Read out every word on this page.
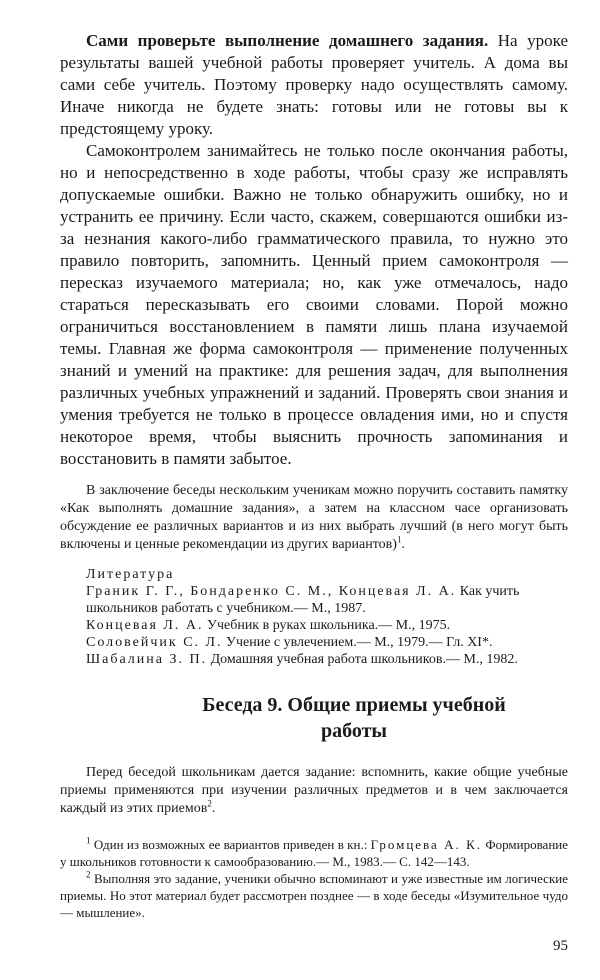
Сами проверьте выполнение домашнего задания. На уроке результаты вашей учебной работы проверяет учитель. А дома вы сами себе учитель. Поэтому проверку надо осуществлять самому. Иначе никогда не будете знать: готовы или не готовы вы к предстоящему уроку.

Самоконтролем занимайтесь не только после окончания работы, но и непосредственно в ходе работы, чтобы сразу же исправлять допускаемые ошибки. Важно не только обнаружить ошибку, но и устранить ее причину. Если часто, скажем, совершаются ошибки из-за незнания какого-либо грамматического правила, то нужно это правило повторить, запомнить. Ценный прием самоконтроля — пересказ изучаемого материала; но, как уже отмечалось, надо стараться пересказывать его своими словами. Порой можно ограничиться восстановлением в памяти лишь плана изучаемой темы. Главная же форма самоконтроля — применение полученных знаний и умений на практике: для решения задач, для выполнения различных учебных упражнений и заданий. Проверять свои знания и умения требуется не только в процессе овладения ими, но и спустя некоторое время, чтобы выяснить прочность запоминания и восстановить в памяти забытое.

В заключение беседы нескольким ученикам можно поручить составить памятку «Как выполнять домашние задания», а затем на классном часе организовать обсуждение ее различных вариантов и из них выбрать лучший (в него могут быть включены и ценные рекомендации из других вариантов)$^1$.

Литература

Граник Г. Г., Бондаренко С. М., Концевая Л. А. Как учить школьников работать с учебником.— М., 1987.

Концевая Л. А. Учебник в руках школьника.— М., 1975.

Соловейчик С. Л. Учение с увлечением.— М., 1979.— Гл. XI*.

Шабалина З. П. Домашняя учебная работа школьников.— М., 1982.

Беседа 9. Общие приемы учебной
работы

Перед беседой школьникам дается задание: вспомнить, какие общие учебные приемы применяются при изучении различных предметов и в чем заключается каждый из этих приемов$^2$.

$^1$ Один из возможных ее вариантов приведен в кн.: Громцева А. К. Формирование у школьников готовности к самообразованию.— М., 1983.— С. 142—143.

$^2$ Выполняя это задание, ученики обычно вспоминают и уже известные им логические приемы. Но этот материал будет рассмотрен позднее — в ходе беседы «Изумительное чудо — мышление».

95
